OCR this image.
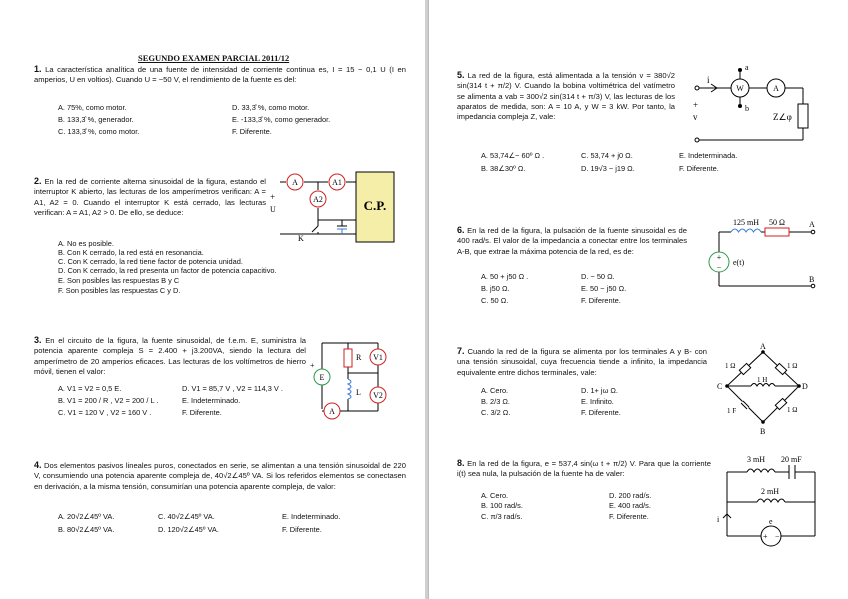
SEGUNDO EXAMEN PARCIAL 2011/12
1. La característica analítica de una fuente de intensidad de corriente continua es, I = 15 − 0,1 U (I en amperios, U en voltios). Cuando U = −50 V, el rendimiento de la fuente es del:
A. 75%, como motor.	D. 33,3̂ %, como motor.
B. 133,3̂ %, generador.	E. -133,3̂ %, como generador.
C. 133,3̂ %, como motor.	F. Diferente.
2. En la red de corriente alterna sinusoidal de la figura, estando el interruptor K abierto, las lecturas de los amperímetros verifican: A = A1, A2 = 0. Cuando el interruptor K está cerrado, las lecturas verifican: A = A1, A2 > 0. De ello, se deduce:
A. No es posible.
B. Con K cerrado, la red está en resonancia.
C. Con K cerrado, la red tiene factor de potencia unidad.
D. Con K cerrado, la red presenta un factor de potencia capacitivo.
E. Son posibles las respuestas B y C
F. Son posibles las respuestas C y D.
A	A1
A2	C.P.
+
U
K
3. En el circuito de la figura, la fuente sinusoidal, de f.e.m. E, suministra la potencia aparente compleja S = 2.400 + j3.200VA, siendo la lectura del amperímetro de 20 amperios eficaces. Las lecturas de los voltímetros de hierro móvil, tienen el valor:
A. V1 = V2 = 0,5 E.	D. V1 = 85,7 V , V2 = 114,3 V .
B. V1 = 200 / R , V2 = 200 / L .	E. Indeterminado.
C. V1 = 120 V , V2 = 160 V .	F. Diferente.
+
E
R
L
V1
V2
A
4. Dos elementos pasivos lineales puros, conectados en serie, se alimentan a una tensión sinusoidal de 220 V, consumiendo una potencia aparente compleja de, 40√2∠45º VA. Si los referidos elementos se conectasen en derivación, a la misma tensión, consumirían una potencia aparente compleja, de valor:
A. 20√2∠45º VA.	C. 40√2∠45º VA.	E. Indeterminado.
B. 80√2∠45º VA.	D. 120√2∠45º VA.	F. Diferente.
5. La red de la figura, está alimentada a la tensión v = 380√2 sin(314 t + π/2) V. Cuando la bobina voltimétrica del vatímetro se alimenta a vab = 300√2 sin(314 t + π/3) V, las lecturas de los aparatos de medida, son: A = 10 A, y W = 3 kW. Por tanto, la impedancia compleja Z, vale:
A. 53,74∠− 60º Ω .	C. 53,74 + j0 Ω.	E. Indeterminada.
B. 38∠30º Ω.	D. 19√3 − j19 Ω.	F. Diferente.
i
+
v
a
b
W	A
Z∠φ
6. En la red de la figura, la pulsación de la fuente sinusoidal es de 400 rad/s. El valor de la impedancia a conectar entre los terminales A-B, que extrae la máxima potencia de la red, es de:
A. 50 + j50 Ω .	D. − 50 Ω.
B. j50 Ω.	E. 50 − j50 Ω.
C. 50 Ω.	F. Diferente.
+
−
125 mH 50 Ω
e(t)
A
B
7. Cuando la red de la figura se alimenta por los terminales A y B- con una tensión sinusoidal, cuya frecuencia tiende a infinito, la impedancia equivalente entre dichos terminales, vale:
A. Cero.	D. 1+ jω Ω.
B. 2/3 Ω.	E. Infinito.
C. 3/2 Ω.	F. Diferente.
A
B
C	D
1 Ω	1 Ω
1 Ω
1 H
1 F
8. En la red de la figura, e = 537,4 sin(ω t + π/2) V. Para que la corriente i(t) sea nula, la pulsación de la fuente ha de valer:
A. Cero.	D. 200 rad/s.
B. 100 rad/s.	E. 400 rad/s.
C. π/3 rad/s.	F. Diferente.
3 mH 20 mF
2 mH
i	e
+ −
